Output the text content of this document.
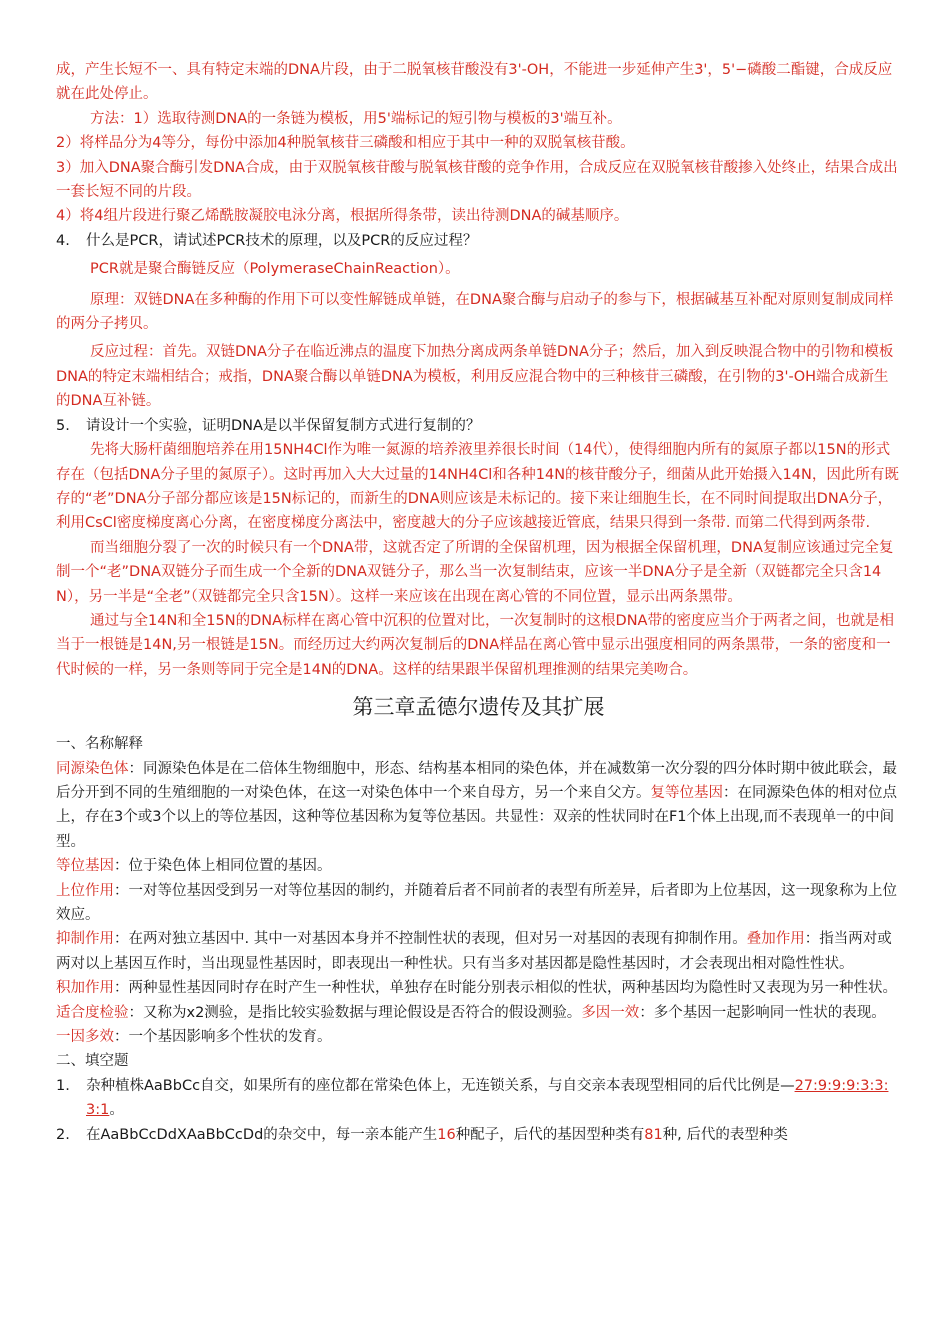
成，产生长短不一、具有特定末端的DNA片段，由于二脱氧核苷酸没有3'-OH，不能进一步延伸产生3'，5'−磷酸二酯键，合成反应就在此处停止。

方法：1）选取待测DNA的一条链为模板，用5'端标记的短引物与模板的3'端互补。

2）将样品分为4等分，每份中添加4种脱氧核苷三磷酸和相应于其中一种的双脱氧核苷酸。

3）加入DNA聚合酶引发DNA合成，由于双脱氧核苷酸与脱氧核苷酸的竞争作用，合成反应在双脱氧核苷酸掺入处终止，结果合成出一套长短不同的片段。

4）将4组片段进行聚乙烯酰胺凝胶电泳分离，根据所得条带，读出待测DNA的碱基顺序。

4.	什么是PCR，请试述PCR技术的原理，以及PCR的反应过程？

PCR就是聚合酶链反应（PolymeraseChainReaction）。

原理：双链DNA在多种酶的作用下可以变性解链成单链，在DNA聚合酶与启动子的参与下，根据碱基互补配对原则复制成同样的两分子拷贝。

反应过程：首先。双链DNA分子在临近沸点的温度下加热分离成两条单链DNA分子；然后，加入到反映混合物中的引物和模板DNA的特定末端相结合；戒指，DNA聚合酶以单链DNA为模板，利用反应混合物中的三种核苷三磷酸，在引物的3'-OH端合成新生的DNA互补链。

5.	请设计一个实验，证明DNA是以半保留复制方式进行复制的？

先将大肠杆菌细胞培养在用15NH4Cl作为唯一氮源的培养液里养很长时间（14代），使得细胞内所有的氮原子都以15N的形式存在（包括DNA分子里的氮原子）。这时再加入大大过量的14NH4Cl和各种14N的核苷酸分子，细菌从此开始摄入14N，因此所有既存的“老”DNA分子部分都应该是15N标记的，而新生的DNA则应该是未标记的。接下来让细胞生长，在不同时间提取出DNA分子，利用CsCl密度梯度离心分离，在密度梯度分离法中，密度越大的分子应该越接近管底，结果只得到一条带. 而第二代得到两条带.

而当细胞分裂了一次的时候只有一个DNA带，这就否定了所谓的全保留机理，因为根据全保留机理，DNA复制应该通过完全复制一个“老”DNA双链分子而生成一个全新的DNA双链分子，那么当一次复制结束，应该一半DNA分子是全新（双链都完全只含14N），另一半是“全老”（双链都完全只含15N）。这样一来应该在出现在离心管的不同位置，显示出两条黑带。

通过与全14N和全15N的DNA标样在离心管中沉积的位置对比，一次复制时的这根DNA带的密度应当介于两者之间，也就是相当于一根链是14N,另一根链是15N。而经历过大约两次复制后的DNA样品在离心管中显示出强度相同的两条黑带，一条的密度和一代时候的一样，另一条则等同于完全是14N的DNA。这样的结果跟半保留机理推测的结果完美吻合。

第三章孟德尔遗传及其扩展

一、名称解释

同源染色体：同源染色体是在二倍体生物细胞中，形态、结构基本相同的染色体，并在减数第一次分裂的四分体时期中彼此联会，最后分开到不同的生殖细胞的一对染色体，在这一对染色体中一个来自母方，另一个来自父方。复等位基因：在同源染色体的相对位点上，存在3个或3个以上的等位基因，这种等位基因称为复等位基因。共显性：双亲的性状同时在F1个体上出现,而不表现单一的中间型。

等位基因：位于染色体上相同位置的基因。

上位作用：一对等位基因受到另一对等位基因的制约，并随着后者不同前者的表型有所差异，后者即为上位基因，这一现象称为上位效应。

抑制作用：在两对独立基因中. 其中一对基因本身并不控制性状的表现，但对另一对基因的表现有抑制作用。叠加作用：指当两对或两对以上基因互作时，当出现显性基因时，即表现出一种性状。只有当多对基因都是隐性基因时，才会表现出相对隐性性状。

积加作用：两种显性基因同时存在时产生一种性状，单独存在时能分别表示相似的性状，两种基因均为隐性时又表现为另一种性状。

适合度检验：又称为x2测验，是指比较实验数据与理论假设是否符合的假设测验。多因一效：多个基因一起影响同一性状的表现。

一因多效：一个基因影响多个性状的发育。

二、填空题

1.	杂种植株AaBbCc自交，如果所有的座位都在常染色体上，无连锁关系，与自交亲本表现型相同的后代比例是—27:9:9:9:3:3:3:1。

2.	在AaBbCcDdXAaBbCcDd的杂交中，每一亲本能产生16种配子，后代的基因型种类有81种, 后代的表型种类
